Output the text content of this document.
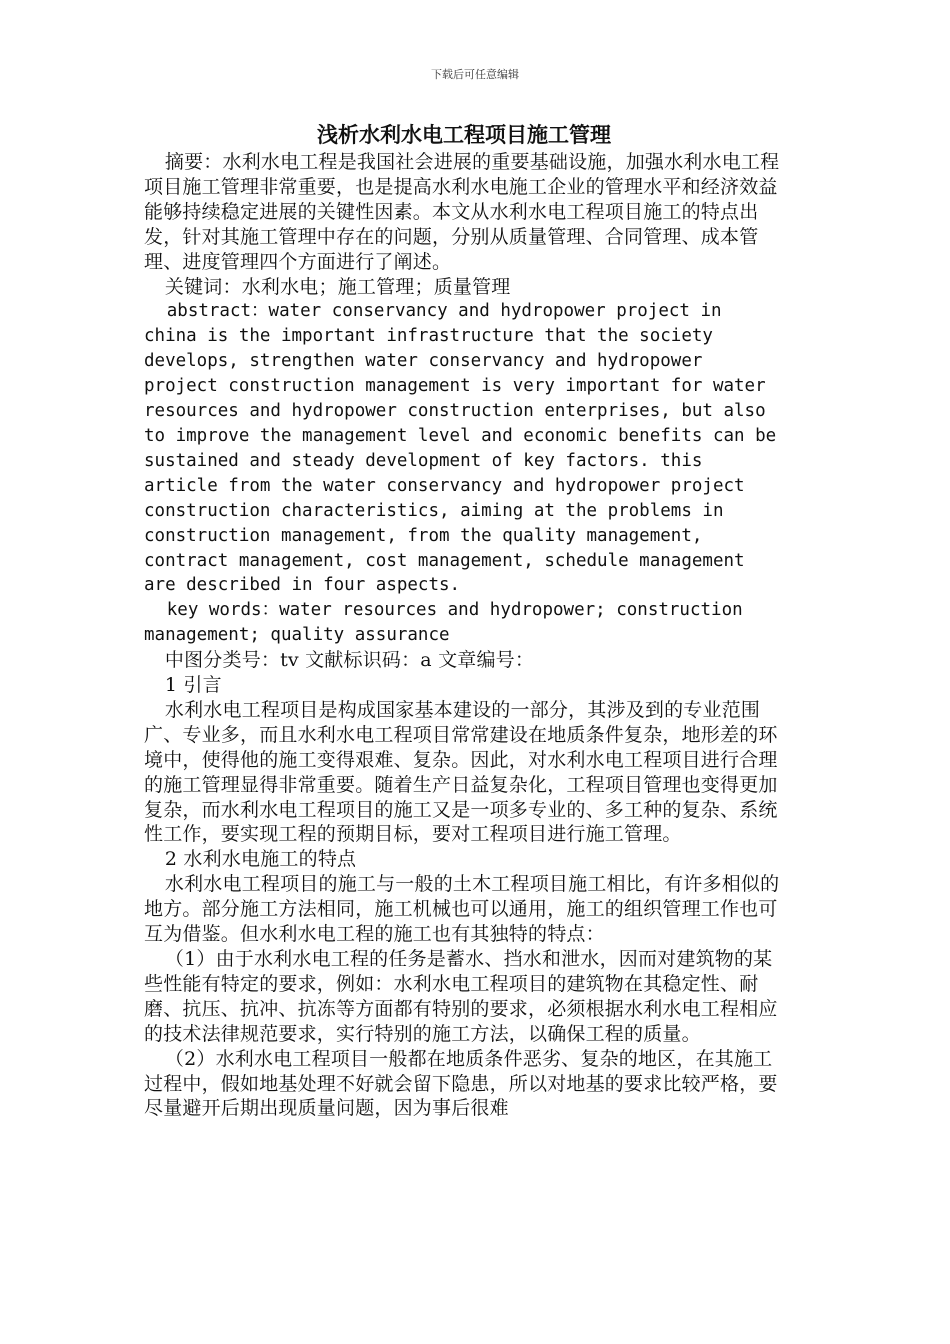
下载后可任意编辑
浅析水利水电工程项目施工管理

摘要：水利水电工程是我国社会进展的重要基础设施，加强水利水电工程项目施工管理非常重要，也是提高水利水电施工企业的管理水平和经济效益能够持续稳定进展的关键性因素。本文从水利水电工程项目施工的特点出发，针对其施工管理中存在的问题，分别从质量管理、合同管理、成本管理、进度管理四个方面进行了阐述。

关键词：水利水电；施工管理；质量管理

abstract：water conservancy and hydropower project in china is the important infrastructure that the society develops, strengthen water conservancy and hydropower project construction management is very important for water resources and hydropower construction enterprises, but also to improve the management level and economic benefits can be sustained and steady development of key factors. this article from the water conservancy and hydropower project construction characteristics, aiming at the problems in construction management, from the quality management, contract management, cost management, schedule management are described in four aspects.

key words：water resources and hydropower; construction management; quality assurance

中图分类号：tv 文献标识码：a 文章编号：

1 引言

水利水电工程项目是构成国家基本建设的一部分，其涉及到的专业范围广、专业多，而且水利水电工程项目常常建设在地质条件复杂，地形差的环境中，使得他的施工变得艰难、复杂。因此，对水利水电工程项目进行合理的施工管理显得非常重要。随着生产日益复杂化，工程项目管理也变得更加复杂，而水利水电工程项目的施工又是一项多专业的、多工种的复杂、系统性工作，要实现工程的预期目标，要对工程项目进行施工管理。

2 水利水电施工的特点

水利水电工程项目的施工与一般的土木工程项目施工相比，有许多相似的地方。部分施工方法相同，施工机械也可以通用，施工的组织管理工作也可互为借鉴。但水利水电工程的施工也有其独特的特点：

（1）由于水利水电工程的任务是蓄水、挡水和泄水，因而对建筑物的某些性能有特定的要求，例如：水利水电工程项目的建筑物在其稳定性、耐磨、抗压、抗冲、抗冻等方面都有特别的要求，必须根据水利水电工程相应的技术法律规范要求，实行特别的施工方法，以确保工程的质量。

（2）水利水电工程项目一般都在地质条件恶劣、复杂的地区，在其施工过程中，假如地基处理不好就会留下隐患，所以对地基的要求比较严格，要尽量避开后期出现质量问题，因为事后很难
